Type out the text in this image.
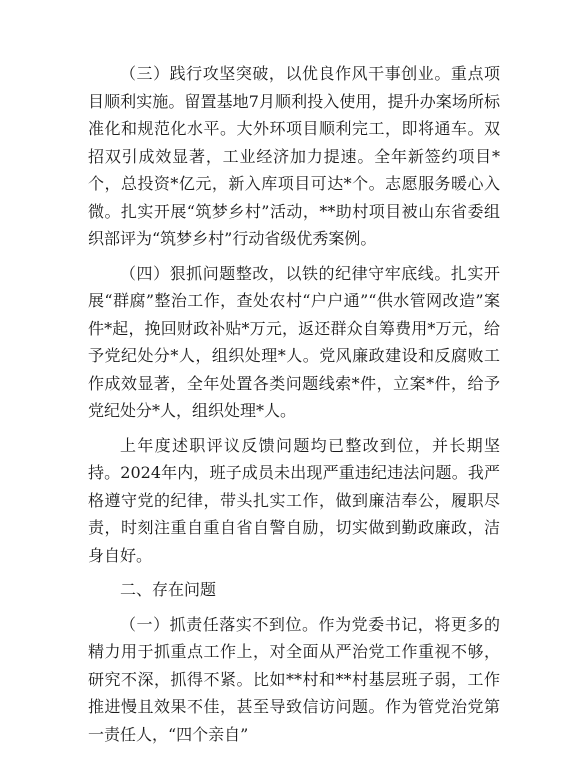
（三）践行攻坚突破，以优良作风干事创业。重点项目顺利实施。留置基地7月顺利投入使用，提升办案场所标准化和规范化水平。大外环项目顺利完工，即将通车。双招双引成效显著，工业经济加力提速。全年新签约项目*个，总投资*亿元，新入库项目可达*个。志愿服务暖心入微。扎实开展“筑梦乡村”活动，**助村项目被山东省委组织部评为“筑梦乡村”行动省级优秀案例。

（四）狠抓问题整改，以铁的纪律守牢底线。扎实开展“群腐”整治工作，查处农村“户户通”“供水管网改造”案件*起，挽回财政补贴*万元，返还群众自筹费用*万元，给予党纪处分*人，组织处理*人。党风廉政建设和反腐败工作成效显著，全年处置各类问题线索*件，立案*件，给予党纪处分*人，组织处理*人。

上年度述职评议反馈问题均已整改到位，并长期坚持。2024年内，班子成员未出现严重违纪违法问题。我严格遵守党的纪律，带头扎实工作，做到廉洁奉公，履职尽责，时刻注重自重自省自警自励，切实做到勤政廉政，洁身自好。

二、存在问题

（一）抓责任落实不到位。作为党委书记，将更多的精力用于抓重点工作上，对全面从严治党工作重视不够，研究不深，抓得不紧。比如**村和**村基层班子弱，工作推进慢且效果不佳，甚至导致信访问题。作为管党治党第一责任人，“四个亲自”
